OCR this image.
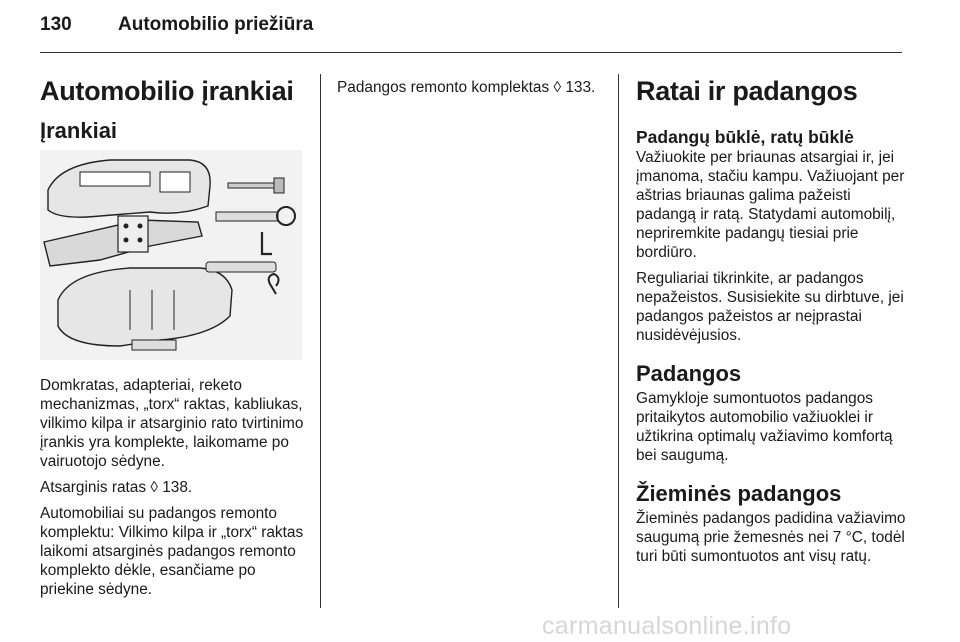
130 Automobilio priežiūra
Automobilio įrankiai
Įrankiai

Domkratas, adapteriai, reketo mechanizmas, „torx“ raktas, kabliukas, vilkimo kilpa ir atsarginio rato tvirtinimo įrankis yra komplekte, laikomame po vairuotojo sėdyne.

Atsarginis ratas ◊ 138.

Automobiliai su padangos remonto komplektu: Vilkimo kilpa ir „torx“ raktas laikomi atsarginės padangos remonto komplekto dėkle, esančiame po priekine sėdyne.

Padangos remonto komplektas ◊ 133.	Ratai ir padangos
Padangų būklė, ratų būklė

Važiuokite per briaunas atsargiai ir, jei įmanoma, stačiu kampu. Važiuojant per aštrias briaunas galima pažeisti padangą ir ratą. Statydami automobilį, nepriremkite padangų tiesiai prie bordiūro.

Reguliariai tikrinkite, ar padangos nepažeistos. Susisiekite su dirbtuve, jei padangos pažeistos ar neįprastai nusidėvėjusios.

Padangos

Gamykloje sumontuotos padangos pritaikytos automobilio važiuoklei ir užtikrina optimalų važiavimo komfortą bei saugumą.

Žieminės padangos

Žieminės padangos padidina važiavimo saugumą prie žemesnės nei 7 °C, todėl turi būti sumontuotos ant visų ratų.

carmanualsonline.info
